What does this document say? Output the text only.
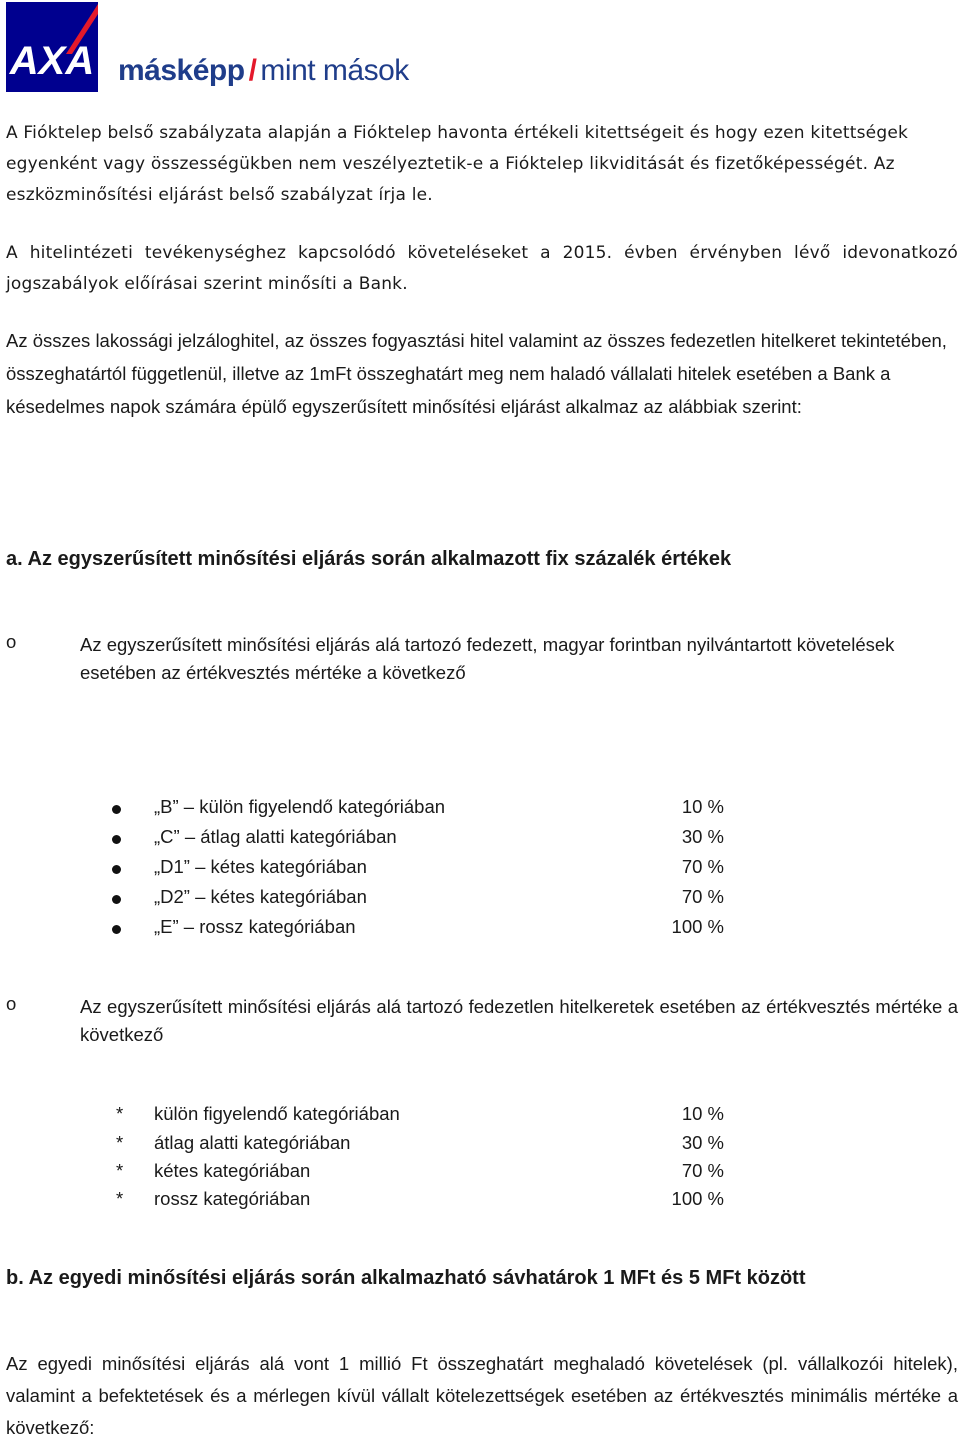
AXA másképp / mint mások
A Fióktelep belső szabályzata alapján a Fióktelep havonta értékeli kitettségeit és hogy ezen kitettségek egyenként vagy összességükben nem veszélyeztetik-e a Fióktelep likviditását és fizetőképességét. Az eszközminősítési eljárást belső szabályzat írja le.
A hitelintézeti tevékenységhez kapcsolódó követeléseket a 2015. évben érvényben lévő idevonatkozó jogszabályok előírásai szerint minősíti a Bank.
Az összes lakossági jelzáloghitel, az összes fogyasztási hitel valamint az összes fedezetlen hitelkeret tekintetében, összeghatártól függetlenül, illetve az 1mFt összeghatárt meg nem haladó vállalati hitelek esetében a Bank a késedelmes napok számára épülő egyszerűsített minősítési eljárást alkalmaz az alábbiak szerint:
a. Az egyszerűsített minősítési eljárás során alkalmazott fix százalék értékek
o	Az egyszerűsített minősítési eljárás alá tartozó fedezett, magyar forintban nyilvántartott követelések esetében az értékvesztés mértéke a következő
„B” – külön figyelendő kategóriában	10 %
„C” – átlag alatti kategóriában	30 %
„D1” – kétes kategóriában	70 %
„D2” – kétes kategóriában	70 %
„E” – rossz kategóriában	100 %
o	Az egyszerűsített minősítési eljárás alá tartozó fedezetlen hitelkeretek esetében az értékvesztés mértéke a következő
* külön figyelendő kategóriában	10 %
* átlag alatti kategóriában	30 %
* kétes kategóriában	70 %
* rossz kategóriában	100 %
b. Az egyedi minősítési eljárás során alkalmazható sávhatárok 1 MFt és 5 MFt között
Az egyedi minősítési eljárás alá vont 1 millió Ft összeghatárt meghaladó követelések (pl. vállalkozói hitelek), valamint a befektetések és a mérlegen kívül vállalt kötelezettségek esetében az értékvesztés minimális mértéke a következő:
